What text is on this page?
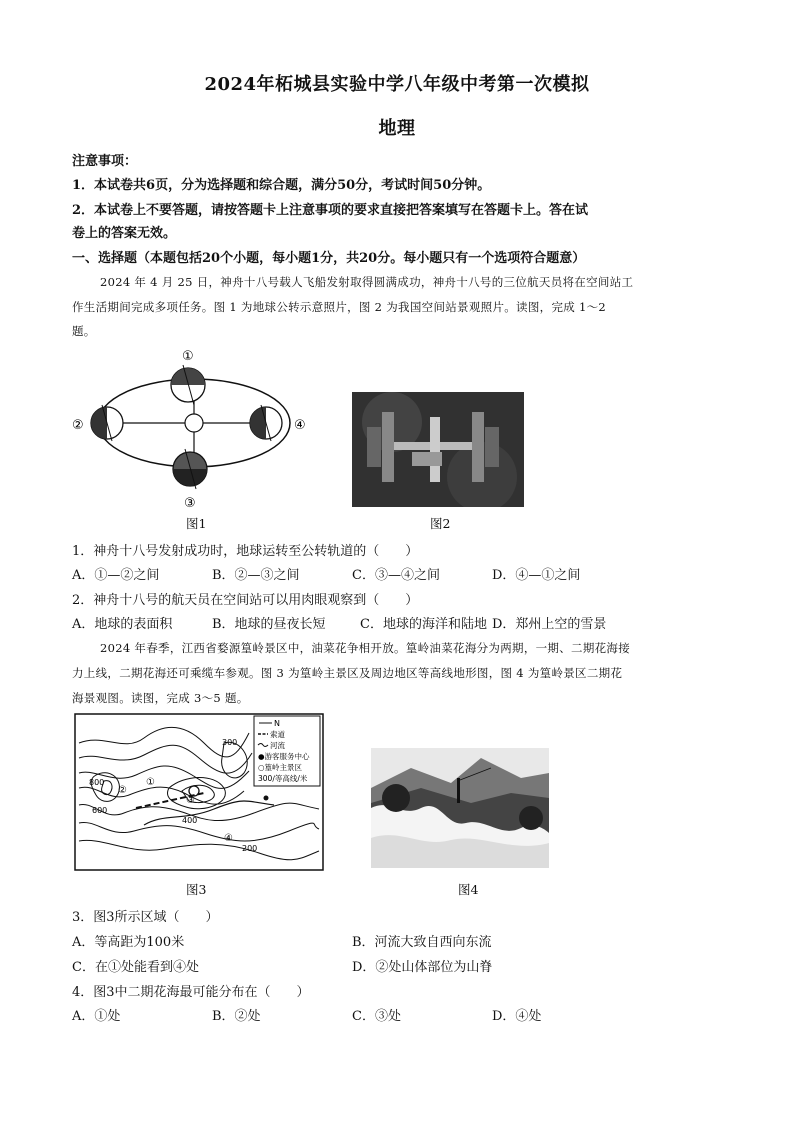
2024年柘城县实验中学八年级中考第一次模拟
地理
注意事项：
1．本试卷共6页，分为选择题和综合题，满分50分，考试时间50分钟。
2．本试卷上不要答题，请按答题卡上注意事项的要求直接把答案填写在答题卡上。答在试
卷上的答案无效。
一、选择题（本题包括20个小题，每小题1分，共20分。每小题只有一个选项符合题意）
2024 年 4 月 25 日，神舟十八号载人飞船发射取得圆满成功，神舟十八号的三位航天员将在空间站工
作生活期间完成多项任务。图 1 为地球公转示意照片，图 2 为我国空间站景观照片。读图，完成 1～2
题。
①
②
③
④
图1	图2
1．神舟十八号发射成功时，地球运转至公转轨道的（　　）
A．①—②之间	B．②—③之间	C．③—④之间	D．④—①之间
2．神舟十八号的航天员在空间站可以用肉眼观察到（　　）
A．地球的表面积	B．地球的昼夜长短	C．地球的海洋和陆地 D．郑州上空的雪景
2024 年春季，江西省婺源篁岭景区中，油菜花争相开放。篁岭油菜花海分为两期，一期、二期花海接
力上线，二期花海还可乘缆车参观。图 3 为篁岭主景区及周边地区等高线地形图，图 4 为篁岭景区二期花
海景观图。读图，完成 3～5 题。
N
索道
河流
●游客服务中心
○篁岭主景区
300∕等高线/米
800
600
400
300
200
①
②
③
④
图3	图4
3．图3所示区域（　　）
A．等高距为100米	B．河流大致自西向东流
C．在①处能看到④处	D．②处山体部位为山脊
4．图3中二期花海最可能分布在（　　）
A．①处	B．②处	C．③处	D．④处
